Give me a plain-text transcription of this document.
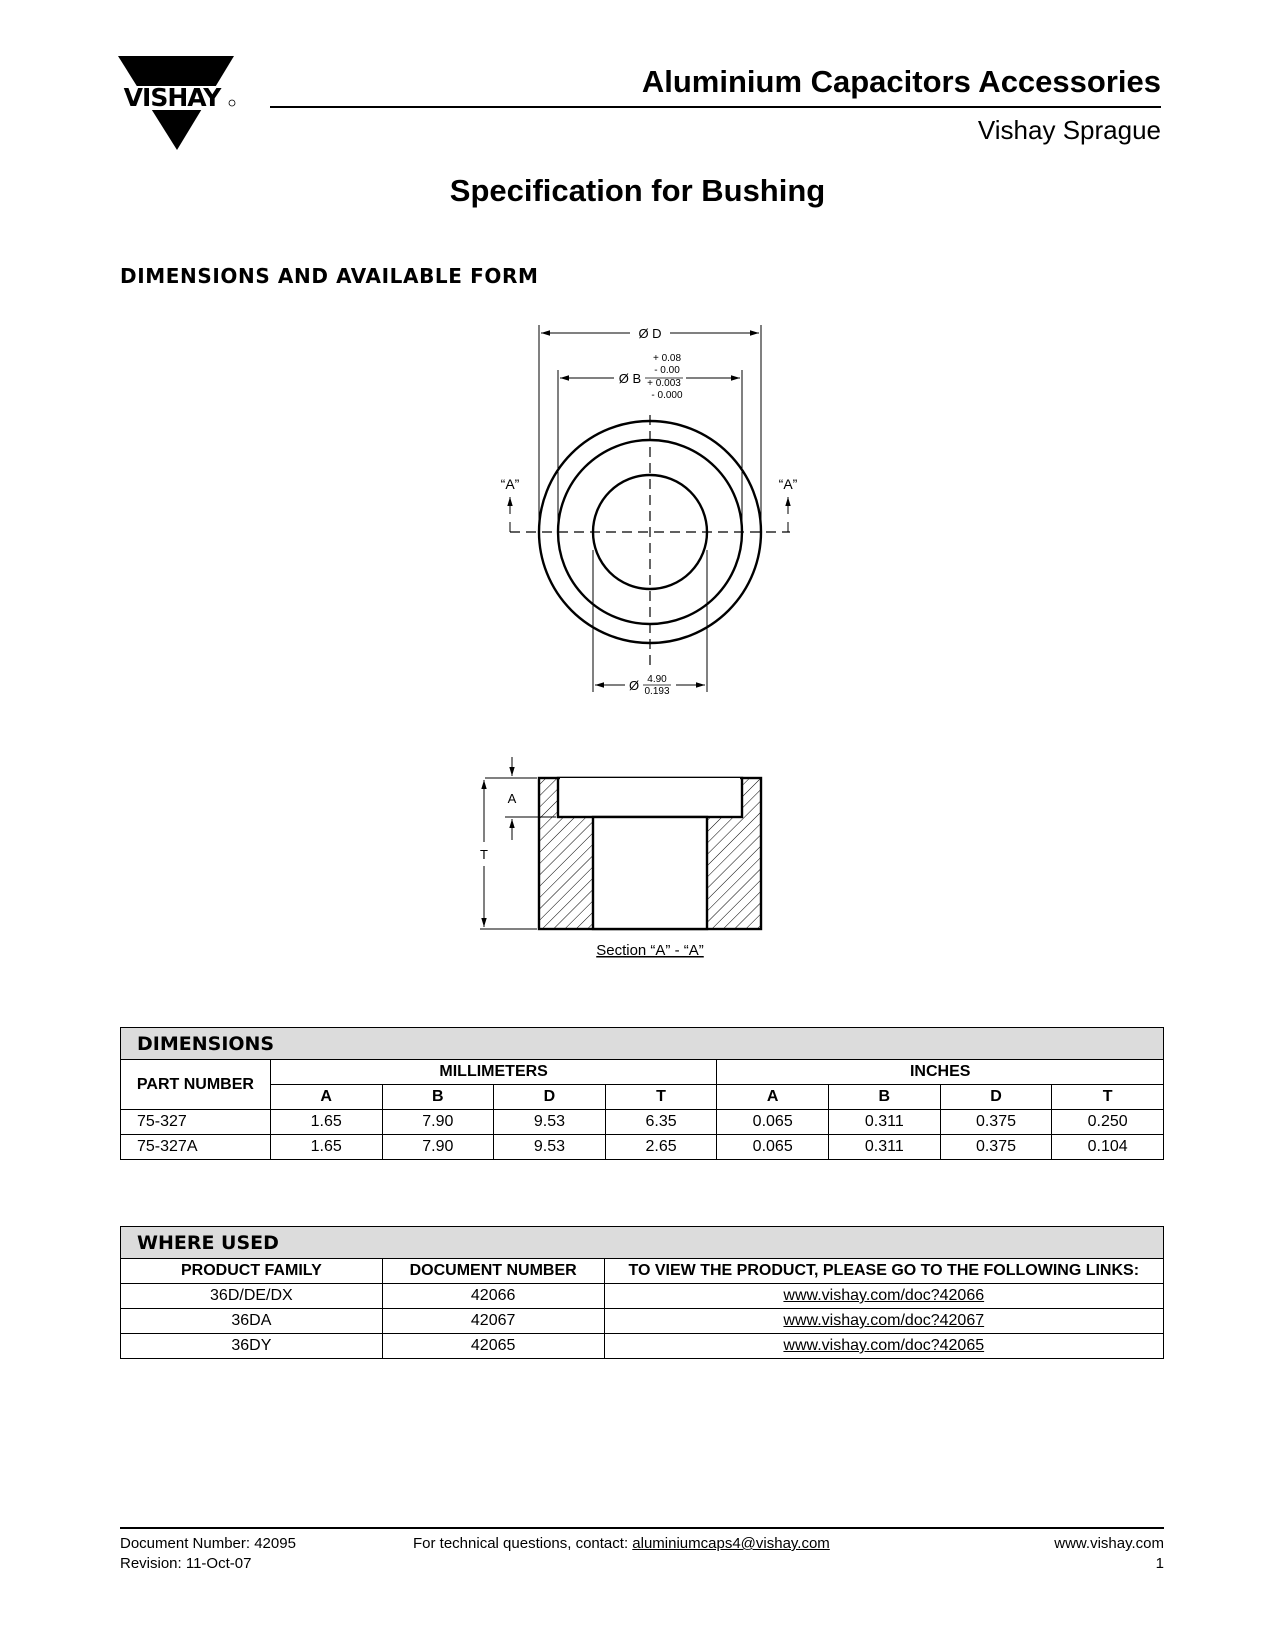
VISHAY	Aluminium Capacitors Accessories
Vishay Sprague
Specification for Bushing
DIMENSIONS AND AVAILABLE FORM
Ø D
Ø B
+ 0.08
- 0.00
+ 0.003
- 0.000
“A”	“A”
Ø 4.90
0.193
A
T
Section “A” - “A”
DIMENSIONS								
PART NUMBER	MILLIMETERS				INCHES			
	A	B	D	T	A	B	D	T
75-327	1.65	7.90	9.53	6.35	0.065	0.311	0.375	0.250
75-327A	1.65	7.90	9.53	2.65	0.065	0.311	0.375	0.104
WHERE USED		
PRODUCT FAMILY	DOCUMENT NUMBER	TO VIEW THE PRODUCT, PLEASE GO TO THE FOLLOWING LINKS:
36D/DE/DX	42066	www.vishay.com/doc?42066
36DA	42067	www.vishay.com/doc?42067
36DY	42065	www.vishay.com/doc?42065
Document Number: 42095
Revision: 11-Oct-07
For technical questions, contact: aluminiumcaps4@vishay.com	www.vishay.com
1
